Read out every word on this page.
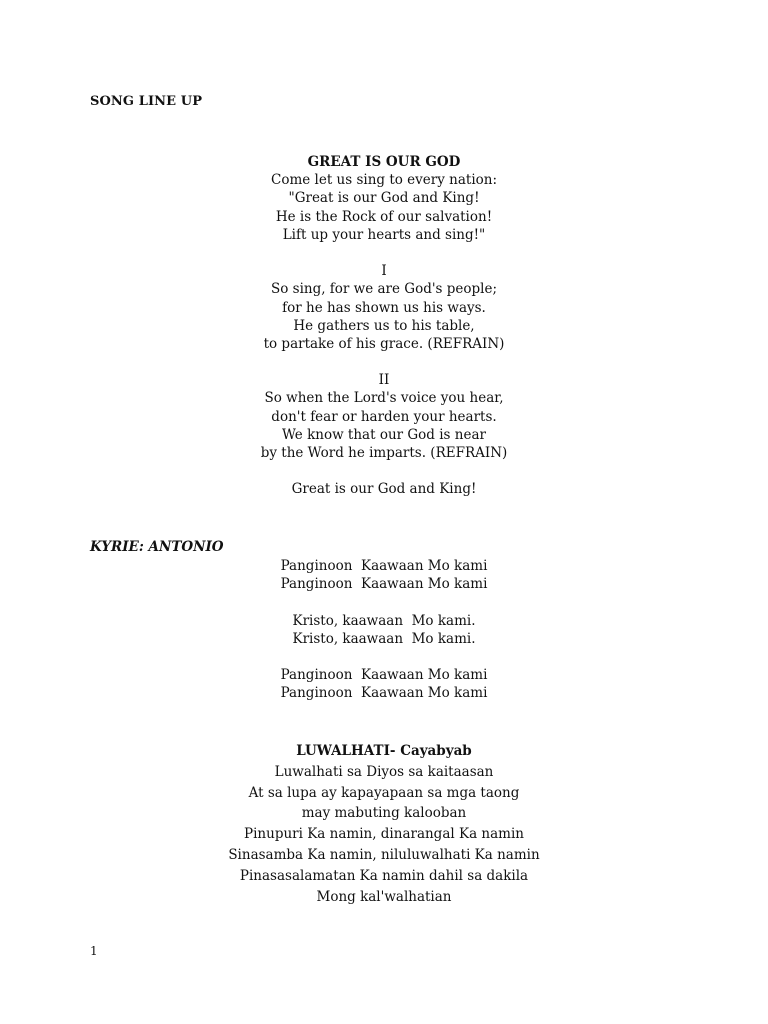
SONG LINE UP
GREAT IS OUR GOD
Come let us sing to every nation:
"Great is our God and King!
He is the Rock of our salvation!
Lift up your hearts and sing!"
I
So sing, for we are God's people;
for he has shown us his ways.
He gathers us to his table,
to partake of his grace. (REFRAIN)
II
So when the Lord's voice you hear,
don't fear or harden your hearts.
We know that our God is near
by the Word he imparts. (REFRAIN)
Great is our God and King!
KYRIE: ANTONIO
Panginoon  Kaawaan Mo kami
Panginoon  Kaawaan Mo kami
Kristo, kaawaan  Mo kami.
Kristo, kaawaan  Mo kami.
Panginoon  Kaawaan Mo kami
Panginoon  Kaawaan Mo kami
LUWALHATI- Cayabyab
Luwalhati sa Diyos sa kaitaasan
At sa lupa ay kapayapaan sa mga taong
may mabuting kalooban
Pinupuri Ka namin, dinarangal Ka namin
Sinasamba Ka namin, niluluwalhati Ka namin
Pinasasalamatan Ka namin dahil sa dakila
Mong kal'walhatian
1
